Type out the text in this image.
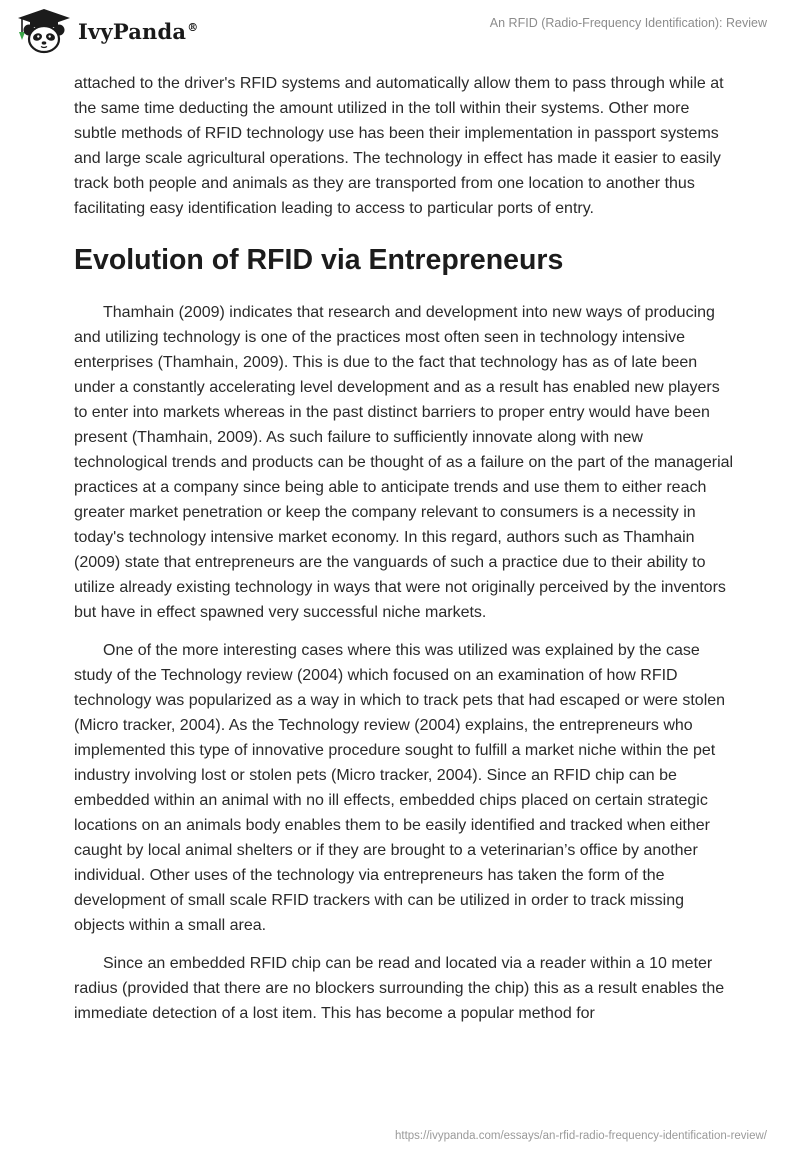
IvyPanda®	An RFID (Radio-Frequency Identification): Review

attached to the driver's RFID systems and automatically allow them to pass through while at the same time deducting the amount utilized in the toll within their systems. Other more subtle methods of RFID technology use has been their implementation in passport systems and large scale agricultural operations. The technology in effect has made it easier to easily track both people and animals as they are transported from one location to another thus facilitating easy identification leading to access to particular ports of entry.

Evolution of RFID via Entrepreneurs

Thamhain (2009) indicates that research and development into new ways of producing and utilizing technology is one of the practices most often seen in technology intensive enterprises (Thamhain, 2009). This is due to the fact that technology has as of late been under a constantly accelerating level development and as a result has enabled new players to enter into markets whereas in the past distinct barriers to proper entry would have been present (Thamhain, 2009). As such failure to sufficiently innovate along with new technological trends and products can be thought of as a failure on the part of the managerial practices at a company since being able to anticipate trends and use them to either reach greater market penetration or keep the company relevant to consumers is a necessity in today's technology intensive market economy. In this regard, authors such as Thamhain (2009) state that entrepreneurs are the vanguards of such a practice due to their ability to utilize already existing technology in ways that were not originally perceived by the inventors but have in effect spawned very successful niche markets.

One of the more interesting cases where this was utilized was explained by the case study of the Technology review (2004) which focused on an examination of how RFID technology was popularized as a way in which to track pets that had escaped or were stolen (Micro tracker, 2004). As the Technology review (2004) explains, the entrepreneurs who implemented this type of innovative procedure sought to fulfill a market niche within the pet industry involving lost or stolen pets (Micro tracker, 2004). Since an RFID chip can be embedded within an animal with no ill effects, embedded chips placed on certain strategic locations on an animals body enables them to be easily identified and tracked when either caught by local animal shelters or if they are brought to a veterinarian’s office by another individual. Other uses of the technology via entrepreneurs has taken the form of the development of small scale RFID trackers with can be utilized in order to track missing objects within a small area.

Since an embedded RFID chip can be read and located via a reader within a 10 meter radius (provided that there are no blockers surrounding the chip) this as a result enables the immediate detection of a lost item. This has become a popular method for

https://ivypanda.com/essays/an-rfid-radio-frequency-identification-review/
